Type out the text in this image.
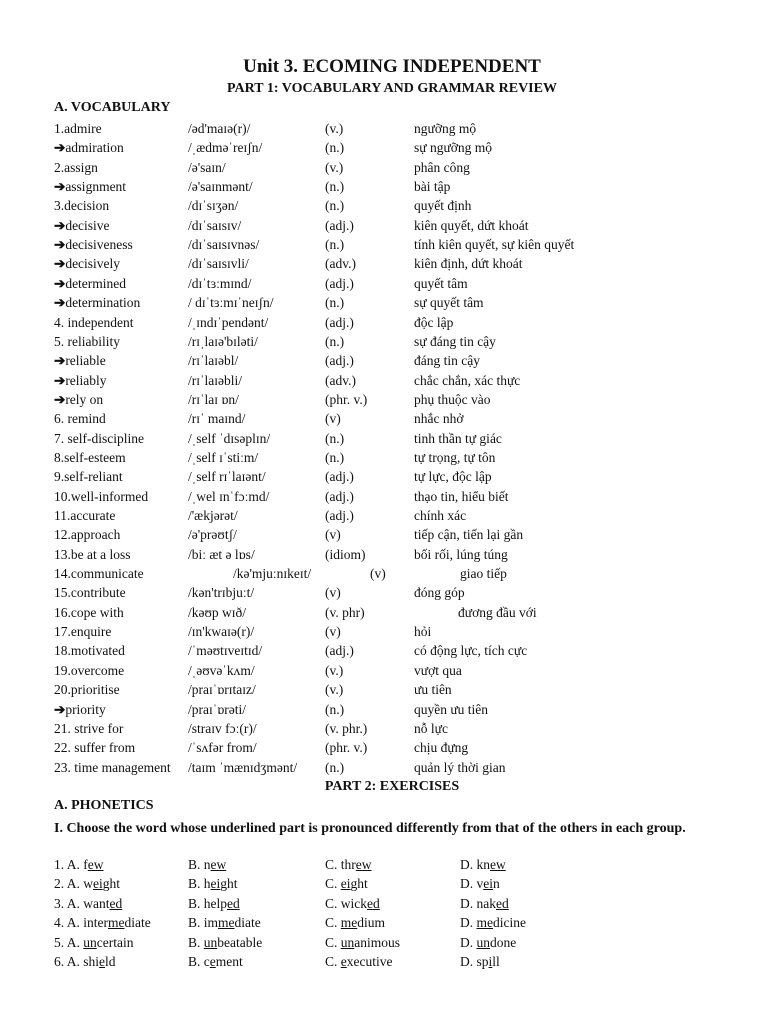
Unit 3. ECOMING INDEPENDENT
PART 1: VOCABULARY AND GRAMMAR REVIEW
A. VOCABULARY
1.admire	/əd'maɪə(r)/	(v.)	ngưỡng mộ
➔admiration	/ˌædməˈreɪʃn/	(n.)	sự ngưỡng mộ
2.assign	/ə'saɪn/	(v.)	phân công
➔assignment	/ə'saɪnmənt/	(n.)	bài tập
3.decision	/dɪˈsɪʒən/	(n.)	quyết định
➔decisive	/dɪˈsaɪsɪv/	(adj.)	kiên quyết, dứt khoát
➔decisiveness	/dɪˈsaɪsɪvnəs/	(n.)	tính kiên quyết, sự kiên quyết
➔decisively	/dɪˈsaɪsɪvli/	(adv.)	kiên định, dứt khoát
➔determined	/dɪˈtɜːmɪnd/	(adj.)	quyết tâm
➔determination	/ dɪˈtɜːmɪˈneɪʃn/	(n.)	sự quyết tâm
4. independent	/ˌɪndɪˈpendənt/	(adj.)	độc lập
5. reliability	/rɪˌlaɪə'bɪləti/	(n.)	sự đáng tin cậy
➔reliable	/rɪˈlaɪəbl/	(adj.)	đáng tin cậy
➔reliably	/rɪˈlaɪəbli/	(adv.)	chắc chắn, xác thực
➔rely on	/rɪˈlaɪ ɒn/	(phr. v.)	phụ thuộc vào
6. remind	/rɪˈ maɪnd/	(v)	nhắc nhở
7. self-discipline	/ˌself ˈdɪsəplɪn/	(n.)	tinh thần tự giác
8.self-esteem	/ˌself ɪˈstiːm/	(n.)	tự trọng, tự tôn
9.self-reliant	/ˌself rɪˈlaɪənt/	(adj.)	tự lực, độc lập
10.well-informed	/ˌwel ɪnˈfɔːmd/	(adj.)	thạo tin, hiểu biết
11.accurate	/'ækjərət/	(adj.)	chính xác
12.approach	/ə'prəʊtʃ/	(v)	tiếp cận, tiến lại gần
13.be at a loss	/biː æt ə lɒs/	(idiom)	bối rối, lúng túng
14.communicate	/kə'mjuːnɪkeɪt/	(v)	giao tiếp
15.contribute	/kən'trɪbjuːt/	(v)	đóng góp
16.cope with	/kəʊp wɪð/	(v. phr)	đương đầu với
17.enquire	/ɪn'kwaɪə(r)/	(v)	hỏi
18.motivated	/ˈməʊtɪveɪtɪd/	(adj.)	có động lực, tích cực
19.overcome	/ˌəʊvəˈkʌm/	(v.)	vượt qua
20.prioritise	/praɪˈɒrɪtaɪz/	(v.)	ưu tiên
➔priority	/praɪˈɒrəti/	(n.)	quyền ưu tiên
21. strive for	/straɪv fɔː(r)/	(v. phr.)	nỗ lực
22. suffer from	/ˈsʌfər from/	(phr. v.)	chịu đựng
23. time management /taɪm ˈmænɪdʒmənt/ (n.)	quản lý thời gian
PART 2: EXERCISES
A. PHONETICS
I. Choose the word whose underlined part is pronounced differently from that of the others in each group.
1. A. few	B. new	C. threw	D. knew
2. A. weight	B. height	C. eight	D. vein
3. A. wanted	B. helped	C. wicked	D. naked
4. A. intermediate	B. immediate	C. medium	D. medicine
5. A. uncertain	B. unbeatable	C. unanimous	D. undone
6. A. shield	B. cement	C. executive	D. spill
